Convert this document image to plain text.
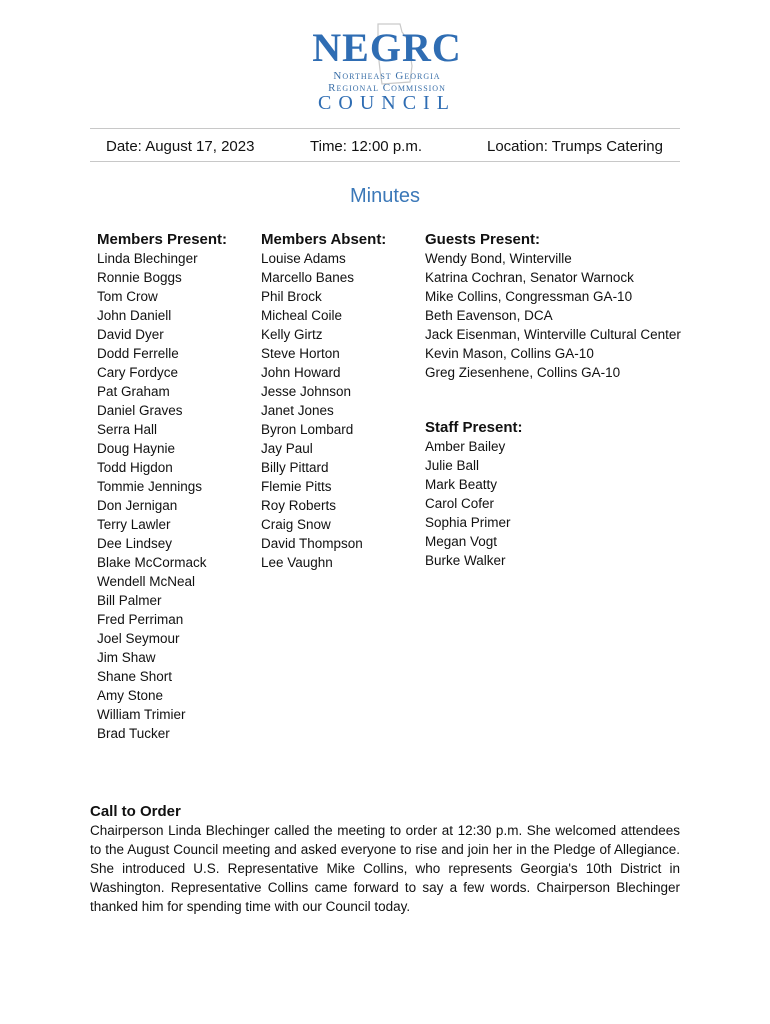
NEGRC
Northeast Georgia
Regional Commission
COUNCIL
Date: August 17, 2023	Time: 12:00 p.m.	Location: Trumps Catering
Minutes
Members Present:
Linda Blechinger
Ronnie Boggs
Tom Crow
John Daniell
David Dyer
Dodd Ferrelle
Cary Fordyce
Pat Graham
Daniel Graves
Serra Hall
Doug Haynie
Todd Higdon
Tommie Jennings
Don Jernigan
Terry Lawler
Dee Lindsey
Blake McCormack
Wendell McNeal
Bill Palmer
Fred Perriman
Joel Seymour
Jim Shaw
Shane Short
Amy Stone
William Trimier
Brad Tucker
Members Absent:
Louise Adams
Marcello Banes
Phil Brock
Micheal Coile
Kelly Girtz
Steve Horton
John Howard
Jesse Johnson
Janet Jones
Byron Lombard
Jay Paul
Billy Pittard
Flemie Pitts
Roy Roberts
Craig Snow
David Thompson
Lee Vaughn
Guests Present:
Wendy Bond, Winterville
Katrina Cochran, Senator Warnock
Mike Collins, Congressman GA-10
Beth Eavenson, DCA
Jack Eisenman, Winterville Cultural Center
Kevin Mason, Collins GA-10
Greg Ziesenhene, Collins GA-10
Staff Present:
Amber Bailey
Julie Ball
Mark Beatty
Carol Cofer
Sophia Primer
Megan Vogt
Burke Walker
Call to Order

Chairperson Linda Blechinger called the meeting to order at 12:30 p.m. She welcomed attendees to the August Council meeting and asked everyone to rise and join her in the Pledge of Allegiance. She introduced U.S. Representative Mike Collins, who represents Georgia's 10th District in Washington. Representative Collins came forward to say a few words. Chairperson Blechinger thanked him for spending time with our Council today.
